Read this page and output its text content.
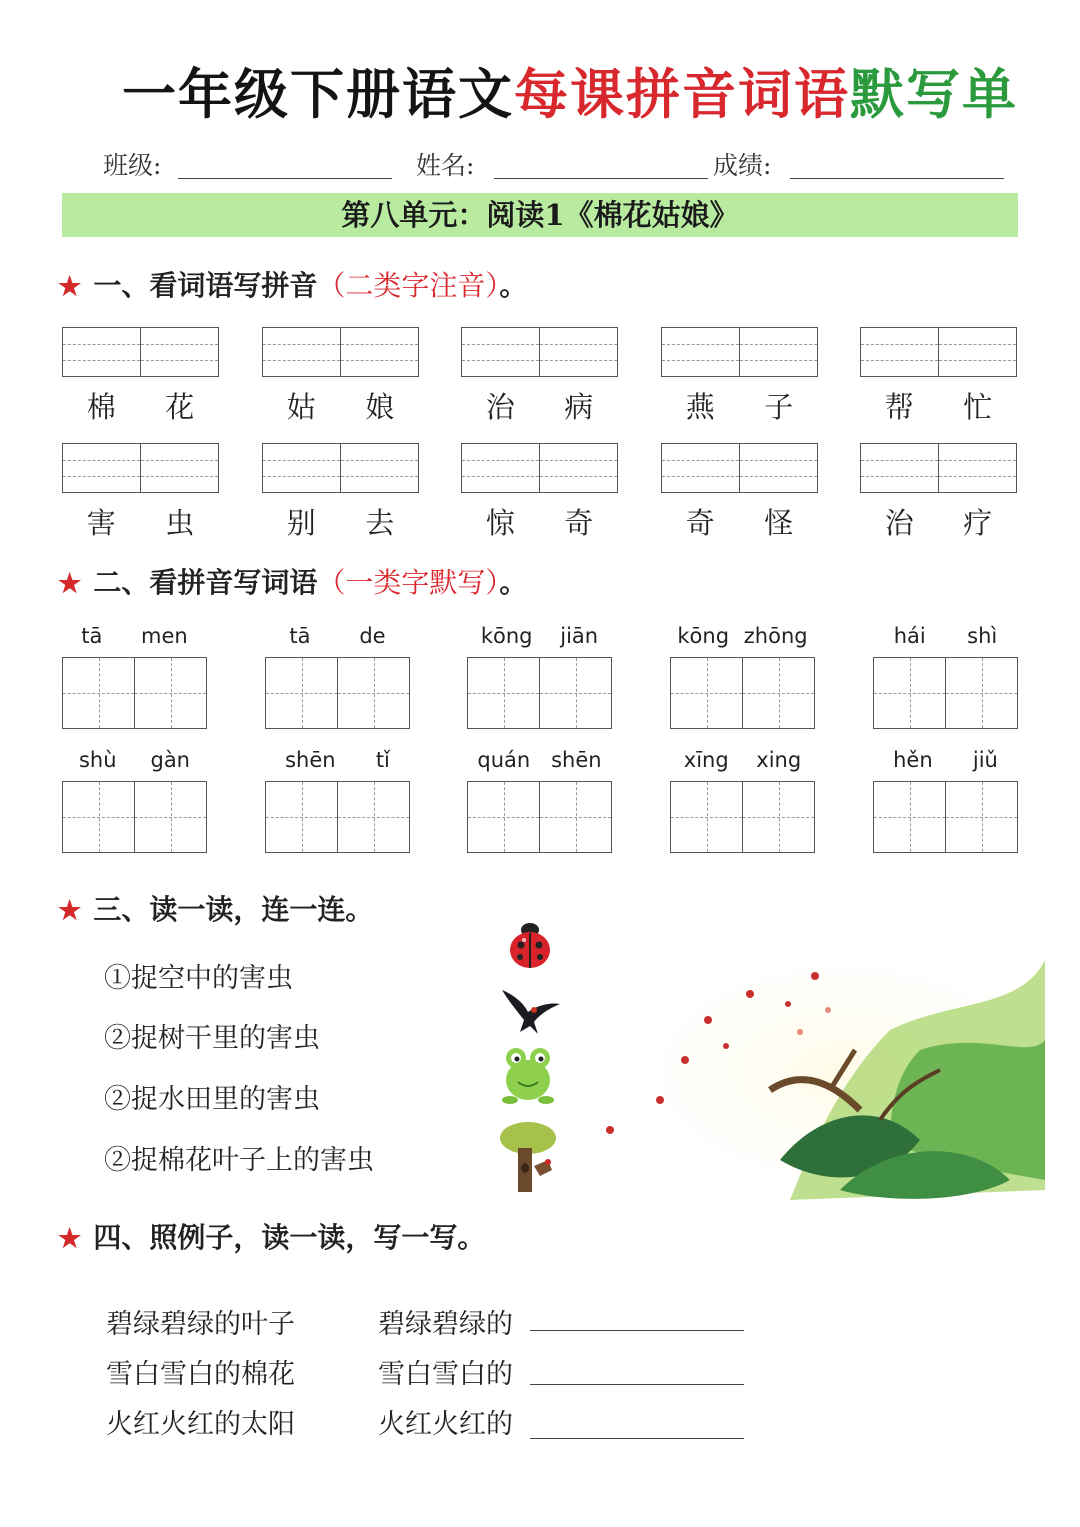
一年级下册语文每课拼音词语默写单
班级:	姓名:	成绩:
第八单元：阅读1《棉花姑娘》
★ 一、看词语写拼音（二类字注音）。
棉 花	姑 娘	治 病	燕 子	帮 忙
害 虫	别 去	惊 奇	奇 怪	治 疗
★ 二、看拼音写词语（一类字默写）。
tā men	tā de	kōng jiān	kōng zhōng	hái shì
shù gàn	shēn tǐ	quán shēn	xīng xing	hěn jiǔ
★ 三、读一读，连一连。
①捉空中的害虫
②捉树干里的害虫
②捉水田里的害虫
②捉棉花叶子上的害虫
★ 四、照例子，读一读，写一写。
碧绿碧绿的叶子	碧绿碧绿的
雪白雪白的棉花	雪白雪白的
火红火红的太阳	火红火红的
